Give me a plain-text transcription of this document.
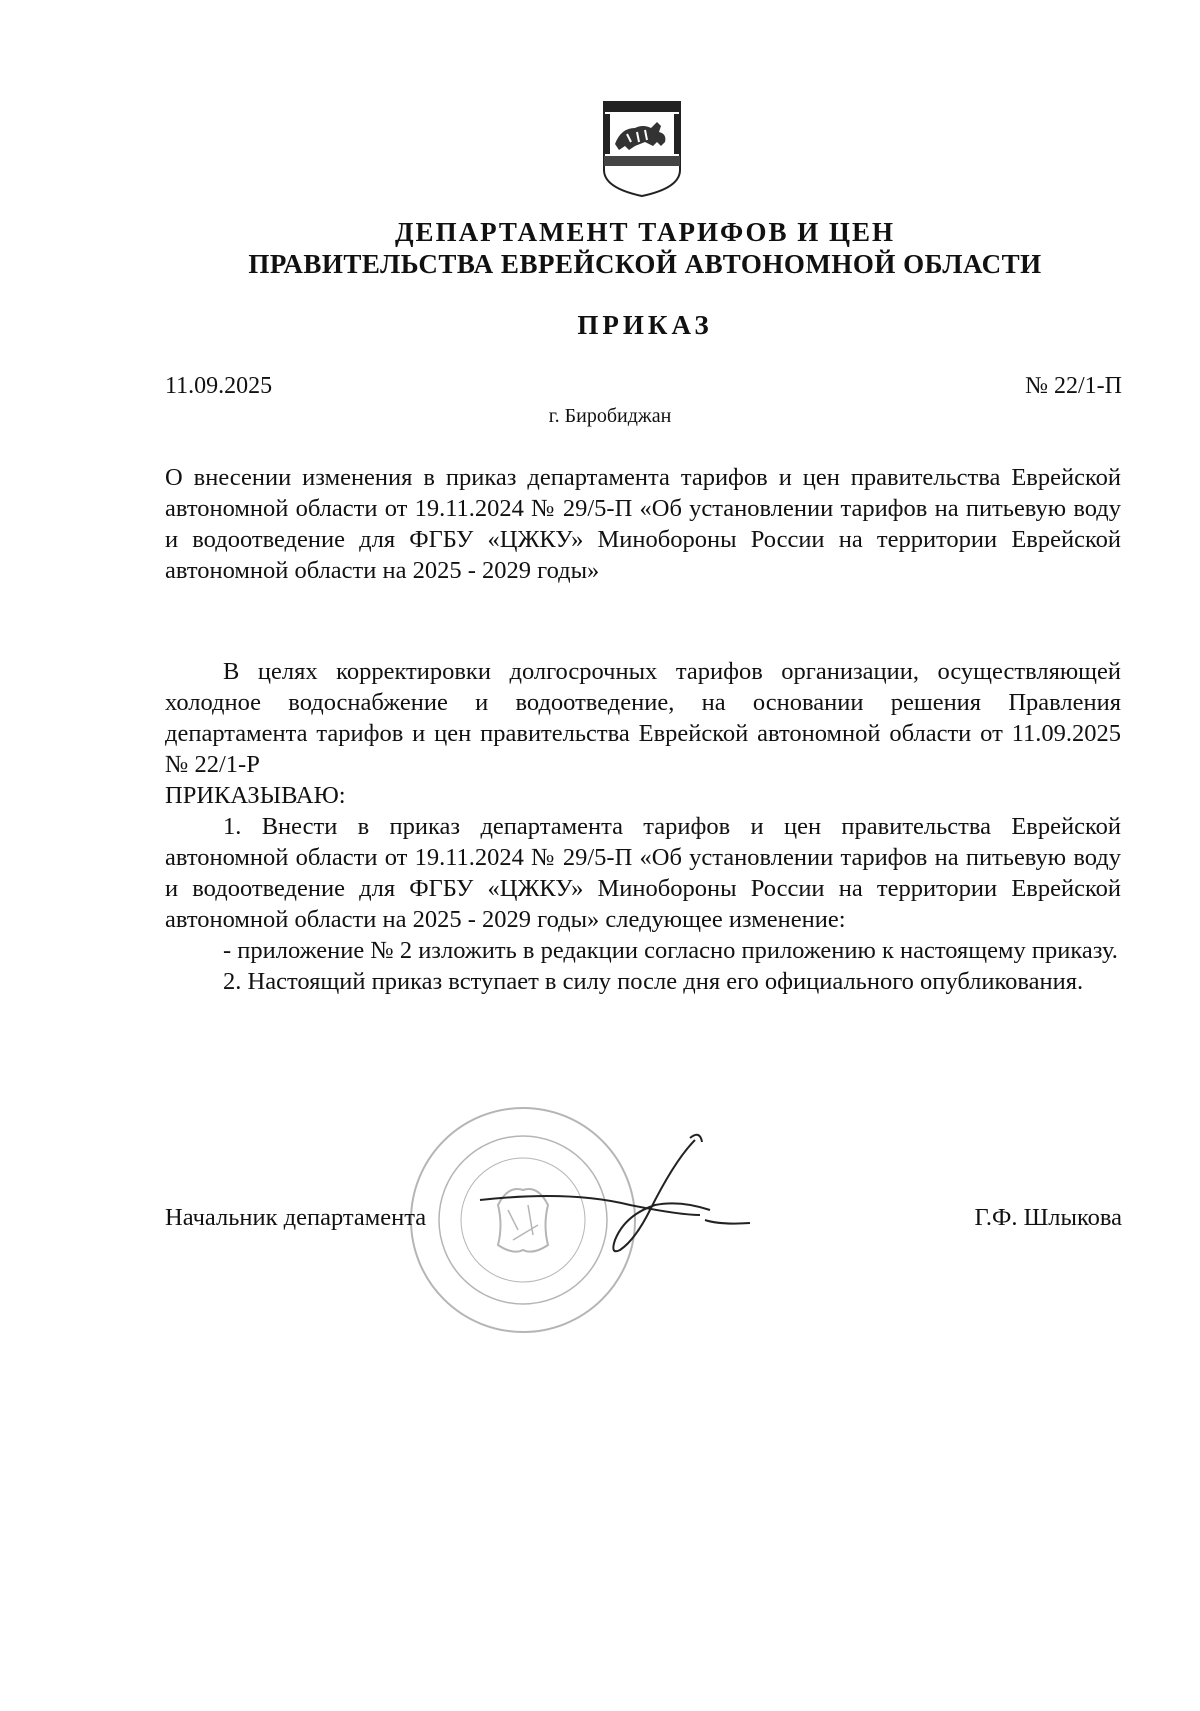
ДЕПАРТАМЕНТ ТАРИФОВ И ЦЕН
ПРАВИТЕЛЬСТВА ЕВРЕЙСКОЙ АВТОНОМНОЙ ОБЛАСТИ
ПРИКАЗ
11.09.2025	№ 22/1-П
г. Биробиджан
О внесении изменения в приказ департамента тарифов и цен правительства Еврейской автономной области от 19.11.2024 № 29/5-П «Об установлении тарифов на питьевую воду и водоотведение для ФГБУ «ЦЖКУ» Минобороны России на территории Еврейской автономной области на 2025 - 2029 годы»

В целях корректировки долгосрочных тарифов организации, осуществляющей холодное водоснабжение и водоотведение, на основании решения Правления департамента тарифов и цен правительства Еврейской автономной области от 11.09.2025 № 22/1-Р

ПРИКАЗЫВАЮ:

1. Внести в приказ департамента тарифов и цен правительства Еврейской автономной области от 19.11.2024 № 29/5-П «Об установлении тарифов на питьевую воду и водоотведение для ФГБУ «ЦЖКУ» Минобороны России на территории Еврейской автономной области на 2025 - 2029 годы» следующее изменение:

- приложение № 2 изложить в редакции согласно приложению к настоящему приказу.

2. Настоящий приказ вступает в силу после дня его официального опубликования.

Начальник департамента	Г.Ф. Шлыкова
